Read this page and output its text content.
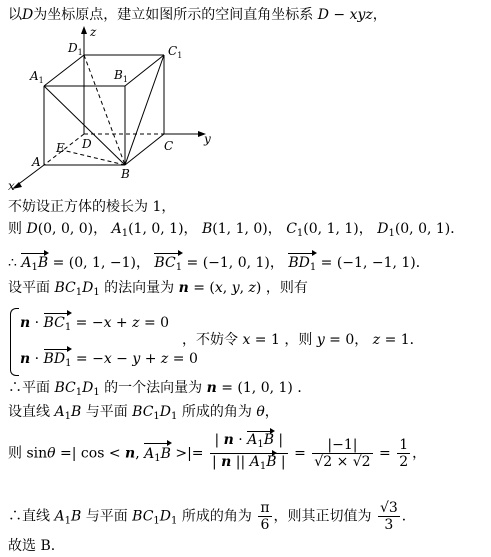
以D为坐标原点，建立如图所示的空间直角坐标系 D − xyz，
z
y
x
$D_1$	$C_1$
$A_1$	$B_1$
E D	C
A
B
不妨设正方体的棱长为 1，
则 D(0, 0, 0)， $A_1(1$, 0, 1)， B(1, 1, 0)， $C_1(0$, 1, 1)， $D_1(0$, 0, 1)．
∴ $A_1B = (0$, 1, −1)， $BC_1 = (-1$, 0, 1)， $BD_1 = (-1$, −1, 1)．
设平面 $BC_1D_1$ 的法向量为 n = (x, y, z) ，则有
$n \cdot BC_1 = -x + z = 0$
$n \cdot BD_1 = -x - y + z = 0$
，不妨令 x = 1 ，则 y = 0， z = 1．
∴平面 $BC_1D_1$ 的一个法向量为 n = (1, 0, 1) ．
设直线 $A_1B$ 与平面 $BC_1D_1$ 所成的角为 θ，
则 sinθ =| cos < n, $A_1B$ >|= $\frac{| n \cdot A_1B |}{| n || A_1B |} = \frac{|-1|}{√2 \times √2} = \frac{1}{2}$ ，
∴直线 $A_1B$ 与平面 $BC_1D_1$ 所成的角为 $\frac{\pi}{6}$ ，则其正切值为 $\frac{√3}{3}$ ．
故选 B.
